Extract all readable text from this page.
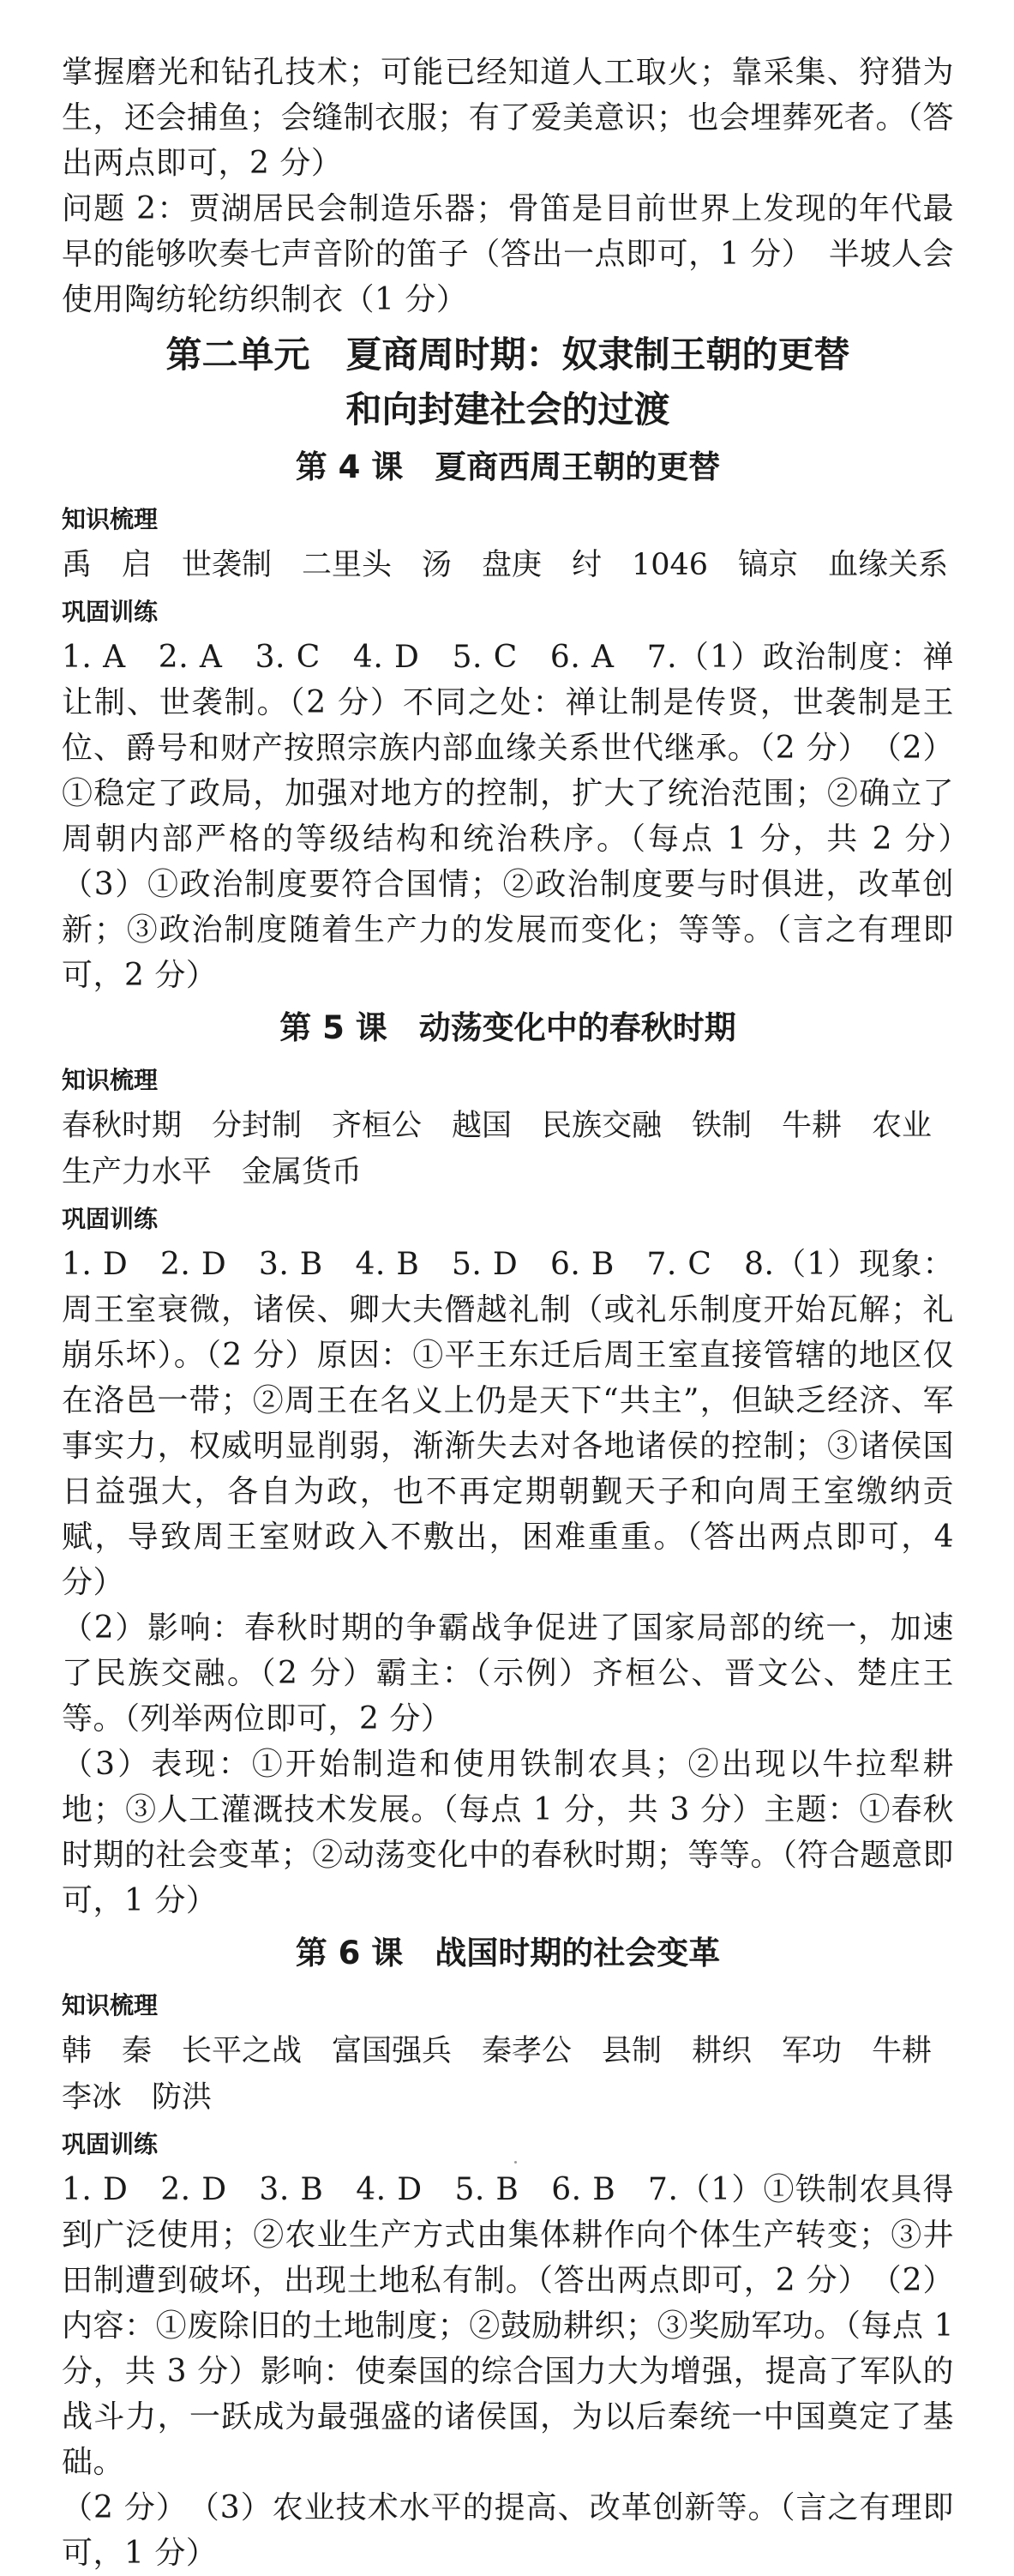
掌握磨光和钻孔技术；可能已经知道人工取火；靠采集、狩猎为生，还会捕鱼；会缝制衣服；有了爱美意识；也会埋葬死者。（答出两点即可，2 分）

问题 2：贾湖居民会制造乐器；骨笛是目前世界上发现的年代最早的能够吹奏七声音阶的笛子（答出一点即可，1 分）　半坡人会使用陶纺轮纺织制衣（1 分）

第二单元　夏商周时期：奴隶制王朝的更替
和向封建社会的过渡
第 4 课　夏商西周王朝的更替
知识梳理

禹　启　世袭制　二里头　汤　盘庚　纣　1046　镐京　血缘关系

巩固训练

1. A　2. A　3. C　4. D　5. C　6. A　7.（1）政治制度：禅让制、世袭制。（2 分）不同之处：禅让制是传贤，世袭制是王位、爵号和财产按照宗族内部血缘关系世代继承。（2 分）　（2）①稳定了政局，加强对地方的控制，扩大了统治范围；②确立了周朝内部严格的等级结构和统治秩序。（每点 1 分，共 2 分）　（3）①政治制度要符合国情；②政治制度要与时俱进，改革创新；③政治制度随着生产力的发展而变化；等等。（言之有理即可，2 分）

第 5 课　动荡变化中的春秋时期
知识梳理

春秋时期　分封制　齐桓公　越国　民族交融　铁制　牛耕　农业生产力水平　金属货币

巩固训练

1. D　2. D　3. B　4. B　5. D　6. B　7. C　8.（1）现象：周王室衰微，诸侯、卿大夫僭越礼制（或礼乐制度开始瓦解；礼崩乐坏）。（2 分）原因：①平王东迁后周王室直接管辖的地区仅在洛邑一带；②周王在名义上仍是天下“共主”，但缺乏经济、军事实力，权威明显削弱，渐渐失去对各地诸侯的控制；③诸侯国日益强大，各自为政，也不再定期朝觐天子和向周王室缴纳贡赋，导致周王室财政入不敷出，困难重重。（答出两点即可，4 分）

（2）影响：春秋时期的争霸战争促进了国家局部的统一，加速了民族交融。（2 分）霸主：（示例）齐桓公、晋文公、楚庄王等。（列举两位即可，2 分）

（3）表现：①开始制造和使用铁制农具；②出现以牛拉犁耕地；③人工灌溉技术发展。（每点 1 分，共 3 分）主题：①春秋时期的社会变革；②动荡变化中的春秋时期；等等。（符合题意即可，1 分）

第 6 课　战国时期的社会变革
知识梳理

韩　秦　长平之战　富国强兵　秦孝公　县制　耕织　军功　牛耕　李冰　防洪

巩固训练

1. D　2. D　3. B　4. D　5. B　6. B　7.（1）①铁制农具得到广泛使用；②农业生产方式由集体耕作向个体生产转变；③井田制遭到破坏，出现土地私有制。（答出两点即可，2 分）　（2）内容：①废除旧的土地制度；②鼓励耕织；③奖励军功。（每点 1 分，共 3 分）影响：使秦国的综合国力大为增强，提高了军队的战斗力，一跃成为最强盛的诸侯国，为以后秦统一中国奠定了基础。

（2 分）　（3）农业技术水平的提高、改革创新等。（言之有理即可，1 分）
